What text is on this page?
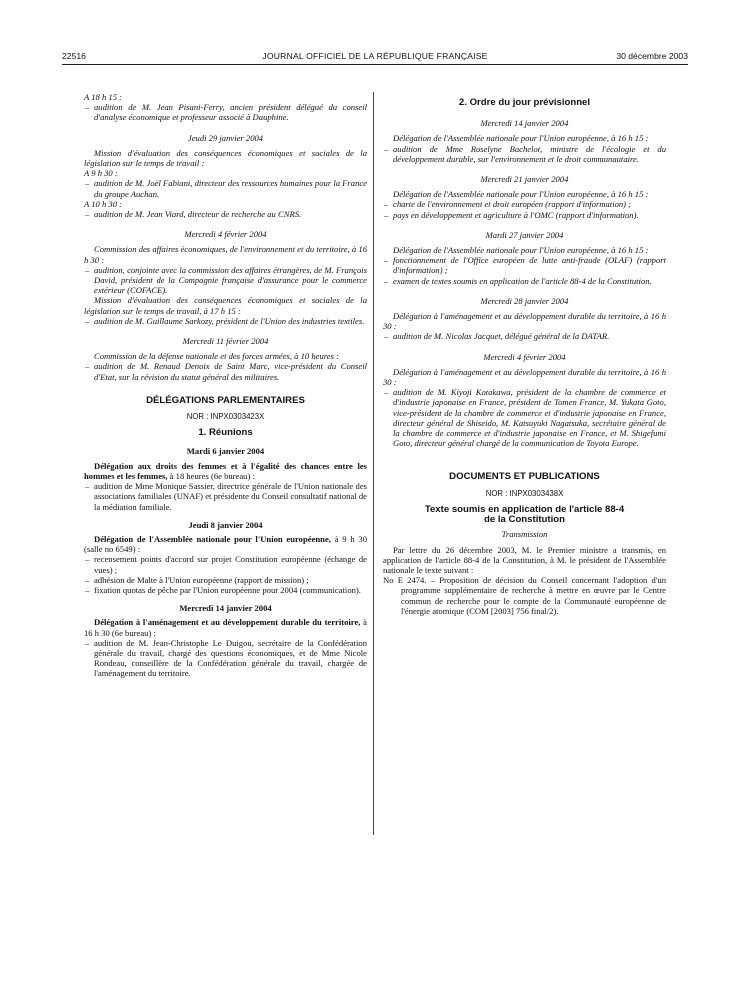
22516	JOURNAL OFFICIEL DE LA RÉPUBLIQUE FRANÇAISE	30 décembre 2003

A 18 h 15 :

– audition de M. Jean Pisani-Ferry, ancien président délégué du conseil d'analyse économique et professeur associé à Dauphine.

Jeudi 29 janvier 2004

Mission d'évaluation des conséquences économiques et sociales de la législation sur le temps de travail :

A 9 h 30 :

– audition de M. Joël Fabiani, directeur des ressources humaines pour la France du groupe Auchan.

A 10 h 30 :

– audition de M. Jean Viard, directeur de recherche au CNRS.

Mercredi 4 février 2004

Commission des affaires économiques, de l'environnement et du territoire, à 16 h 30 :

– audition, conjointe avec la commission des affaires étrangères, de M. François David, président de la Compagnie française d'assurance pour le commerce extérieur (COFACE).

Mission d'évaluation des conséquences économiques et sociales de la législation sur le temps de travail, à 17 h 15 :

– audition de M. Guillaume Sarkozy, président de l'Union des industries textiles.

Mercredi 11 février 2004

Commission de la défense nationale et des forces armées, à 10 heures :

– audition de M. Renaud Denoix de Saint Marc, vice-président du Conseil d'Etat, sur la révision du statut général des militaires.

DÉLÉGATIONS PARLEMENTAIRES

NOR : INPX0303423X

1. Réunions

Mardi 6 janvier 2004

Délégation aux droits des femmes et à l'égalité des chances entre les hommes et les femmes, à 18 heures (6e bureau) :

– audition de Mme Monique Sassier, directrice générale de l'Union nationale des associations familiales (UNAF) et présidente du Conseil consultatif national de la médiation familiale.

Jeudi 8 janvier 2004

Délégation de l'Assemblée nationale pour l'Union européenne, à 9 h 30 (salle no 6549) :

– recensement points d'accord sur projet Constitution européenne (échange de vues) ;
– adhésion de Malte à l'Union européenne (rapport de mission) ;
– fixation quotas de pêche par l'Union européenne pour 2004 (communication).

Mercredi 14 janvier 2004

Délégation à l'aménagement et au développement durable du territoire, à 16 h 30 (6e bureau) :

– audition de M. Jean-Christophe Le Duigou, secrétaire de la Confédération générale du travail, chargé des questions économiques, et de Mme Nicole Rondeau, conseillère de la Confédération générale du travail, chargée de l'aménagement du territoire.

2. Ordre du jour prévisionnel

Mercredi 14 janvier 2004

Délégation de l'Assemblée nationale pour l'Union européenne, à 16 h 15 :

– audition de Mme Roselyne Bachelot, ministre de l'écologie et du développement durable, sur l'environnement et le droit communautaire.

Mercredi 21 janvier 2004

Délégation de l'Assemblée nationale pour l'Union européenne, à 16 h 15 :

– charte de l'environnement et droit européen (rapport d'information) ;
– pays en développement et agriculture à l'OMC (rapport d'information).

Mardi 27 janvier 2004

Délégation de l'Assemblée nationale pour l'Union européenne, à 16 h 15 :

– fonctionnement de l'Office européen de lutte anti-fraude (OLAF) (rapport d'information) ;
– examen de textes soumis en application de l'article 88-4 de la Constitution.

Mercredi 28 janvier 2004

Délégation à l'aménagement et au développement durable du territoire, à 16 h 30 :

– audition de M. Nicolas Jacquet, délégué général de la DATAR.

Mercredi 4 février 2004

Délégation à l'aménagement et au développement durable du territoire, à 16 h 30 :

– audition de M. Kiyoji Kotakawa, président de la chambre de commerce et d'industrie japonaise en France, président de Tomen France, M. Yukata Goto, vice-président de la chambre de commerce et d'industrie japonaise en France, directeur général de Shiseido, M. Katsuyuki Nagatsuka, secrétaire général de la chambre de commerce et d'industrie japonaise en France, et M. Shigefumi Goto, directeur général chargé de la communication de Toyota Europe.

DOCUMENTS ET PUBLICATIONS

NOR : INPX0303438X

Texte soumis en application de l'article 88-4

de la Constitution

Transmission

Par lettre du 26 décembre 2003, M. le Premier ministre a transmis, en application de l'article 88-4 de la Constitution, à M. le président de l'Assemblée nationale le texte suivant :

No E 2474. – Proposition de décision du Conseil concernant l'adoption d'un programme supplémentaire de recherche à mettre en œuvre par le Centre commun de recherche pour le compte de la Communauté européenne de l'énergie atomique (COM [2003] 756 final/2).
